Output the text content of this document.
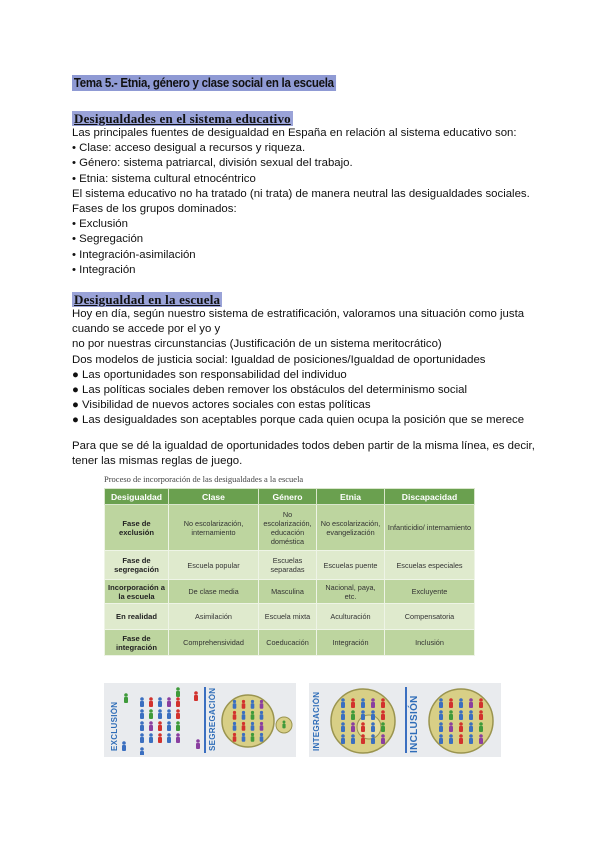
Tema 5.- Etnia, género y clase social en la escuela
Desigualdades en el sistema educativo
Las principales fuentes de desigualdad en España en relación al sistema educativo son:
• Clase: acceso desigual a recursos y riqueza.
• Género: sistema patriarcal, división sexual del trabajo.
• Etnia: sistema cultural etnocéntrico
El sistema educativo no ha tratado (ni trata) de manera neutral las desigualdades sociales.
Fases de los grupos dominados:
• Exclusión
• Segregación
• Integración-asimilación
• Integración
Desigualdad en la escuela
Hoy en día, según nuestro sistema de estratificación, valoramos una situación como justa
cuando se accede por el yo y
no por nuestras circunstancias (Justificación de un sistema meritocrático)
Dos modelos de justicia social: Igualdad de posiciones/Igualdad de oportunidades
● Las oportunidades son responsabilidad del individuo
● Las políticas sociales deben remover los obstáculos del determinismo social
● Visibilidad de nuevos actores sociales con estas políticas
● Las desigualdades son aceptables porque cada quien ocupa la posición que se merece
Para que se dé la igualdad de oportunidades todos deben partir de la misma línea, es decir,
tener las mismas reglas de juego.
Proceso de incorporación de las desigualdades a la escuela
Desigualdad	Clase	Género	Etnia	Discapacidad
Fase de exclusión	No escolarización, internamiento	No escolarización, educación doméstica	No escolarización, evangelización	Infanticidio/ internamiento
Fase de segregación	Escuela popular	Escuelas separadas	Escuelas puente	Escuelas especiales
Incorporación a la escuela	De clase media	Masculina	Nacional, paya, etc.	Excluyente
En realidad	Asimilación	Escuela mixta	Aculturación	Compensatoria
Fase de integración	Comprehensividad	Coeducación	Integración	Inclusión
EXCLUSIÓN	SEGREGACIÓN	INTEGRACIÓN	INCLUSIÓN
